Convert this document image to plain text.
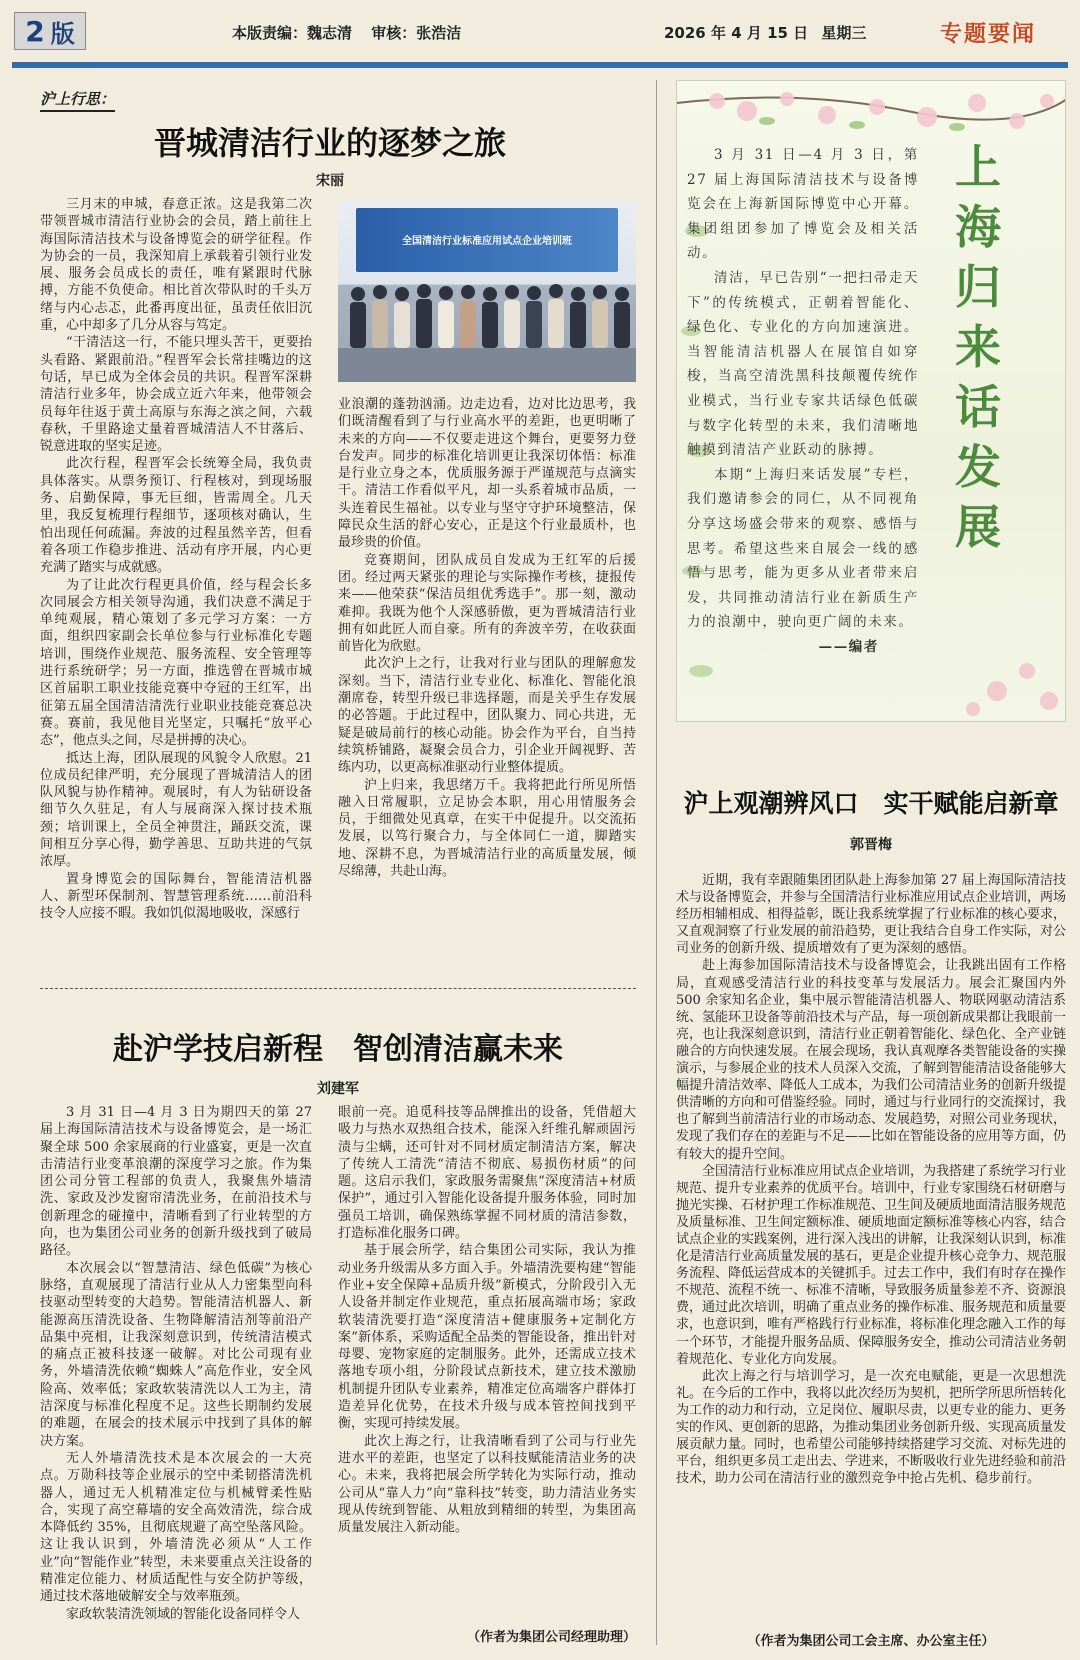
2 版	本版责编：魏志清 审核：张浩洁	2026 年 4 月 15 日 星期三	专题要闻
沪上行思：
晋城清洁行业的逐梦之旅
宋丽

三月末的申城，春意正浓。这是我第二次带领晋城市清洁行业协会的会员，踏上前往上海国际清洁技术与设备博览会的研学征程。作为协会的一员，我深知肩上承载着引领行业发展、服务会员成长的责任，唯有紧跟时代脉搏，方能不负使命。相比首次带队时的千头万绪与内心忐忑，此番再度出征，虽责任依旧沉重，心中却多了几分从容与笃定。

“干清洁这一行，不能只埋头苦干，更要抬头看路、紧跟前沿。”程晋军会长常挂嘴边的这句话，早已成为全体会员的共识。程晋军深耕清洁行业多年，协会成立近六年来，他带领会员每年往返于黄土高原与东海之滨之间，六载春秋，千里路途丈量着晋城清洁人不甘落后、锐意进取的坚实足迹。

此次行程，程晋军会长统筹全局，我负责具体落实。从票务预订、行程核对，到现场服务、启勤保障，事无巨细，皆需周全。几天里，我反复梳理行程细节，逐项核对确认，生怕出现任何疏漏。奔波的过程虽然辛苦，但看着各项工作稳步推进、活动有序开展，内心更充满了踏实与成就感。

为了让此次行程更具价值，经与程会长多次同展会方相关领导沟通，我们决意不满足于单纯观展，精心策划了多元学习方案：一方面，组织四家副会长单位参与行业标准化专题培训，围绕作业规范、服务流程、安全管理等进行系统研学；另一方面，推选曾在晋城市城区首届职工职业技能竞赛中夺冠的王红军，出征第五届全国清洁清洗行业职业技能竞赛总决赛。赛前，我见他目光坚定，只嘱托“放平心态”，他点头之间，尽是拼搏的决心。

抵达上海，团队展现的风貌令人欣慰。21位成员纪律严明，充分展现了晋城清洁人的团队风貌与协作精神。观展时，有人为钻研设备细节久久驻足，有人与展商深入探讨技术瓶颈；培训课上，全员全神贯注，踊跃交流，课间相互分享心得，勤学善思、互助共进的气氛浓厚。

置身博览会的国际舞台，智能清洁机器人、新型环保制剂、智慧管理系统……前沿科技令人应接不暇。我如饥似渴地吸收，深感行

全国清洁行业标准应用试点企业培训班

业浪潮的蓬勃汹涌。边走边看，边对比边思考，我们既清醒看到了与行业高水平的差距，也更明晰了未来的方向——不仅要走进这个舞台，更要努力登台发声。同步的标准化培训更让我深切体悟：标准是行业立身之本，优质服务源于严谨规范与点滴实干。清洁工作看似平凡，却一头系着城市品质，一头连着民生福祉。以专业与坚守守护环境整洁，保障民众生活的舒心安心，正是这个行业最质朴，也最珍贵的价值。

竞赛期间，团队成员自发成为王红军的后援团。经过两天紧张的理论与实际操作考核，捷报传来——他荣获“保洁员组优秀选手”。那一刻，激动难抑。我既为他个人深感骄傲，更为晋城清洁行业拥有如此匠人而自豪。所有的奔波辛劳，在收获面前皆化为欣慰。

此次沪上之行，让我对行业与团队的理解愈发深刻。当下，清洁行业专业化、标准化、智能化浪潮席卷，转型升级已非选择题，而是关乎生存发展的必答题。于此过程中，团队聚力、同心共进，无疑是破局前行的核心动能。协会作为平台，自当持续筑桥铺路，凝聚会员合力，引企业开阔视野、苦练内功，以更高标准驱动行业整体提质。

沪上归来，我思绪万千。我将把此行所见所悟融入日常履职，立足协会本职，用心用情服务会员，于细微处见真章，在实干中促提升。以交流拓发展，以笃行聚合力，与全体同仁一道，脚踏实地、深耕不息，为晋城清洁行业的高质量发展，倾尽绵薄，共赴山海。

3 月 31 日—4 月 3 日，第 27 届上海国际清洁技术与设备博览会在上海新国际博览中心开幕。集团组团参加了博览会及相关活动。

清洁，早已告别“一把扫帚走天下”的传统模式，正朝着智能化、绿色化、专业化的方向加速演进。当智能清洁机器人在展馆自如穿梭，当高空清洗黑科技颠覆传统作业模式，当行业专家共话绿色低碳与数字化转型的未来，我们清晰地触摸到清洁产业跃动的脉搏。

本期“上海归来话发展”专栏，我们邀请参会的同仁，从不同视角分享这场盛会带来的观察、感悟与思考。希望这些来自展会一线的感悟与思考，能为更多从业者带来启发，共同推动清洁行业在新质生产力的浪潮中，驶向更广阔的未来。

——编者

上
海
归
来
话
发
展
沪上观潮辨风口　实干赋能启新章
郭晋梅

近期，我有幸跟随集团团队赴上海参加第 27 届上海国际清洁技术与设备博览会，并参与全国清洁行业标准应用试点企业培训，两场经历相辅相成、相得益彰，既让我系统掌握了行业标准的核心要求，又直观洞察了行业发展的前沿趋势，更让我结合自身工作实际，对公司业务的创新升级、提质增效有了更为深刻的感悟。

赴上海参加国际清洁技术与设备博览会，让我跳出固有工作格局，直观感受清洁行业的科技变革与发展活力。展会汇聚国内外 500 余家知名企业，集中展示智能清洁机器人、物联网驱动清洁系统、氢能环卫设备等前沿技术与产品，每一项创新成果都让我眼前一亮，也让我深刻意识到，清洁行业正朝着智能化、绿色化、全产业链融合的方向快速发展。在展会现场，我认真观摩各类智能设备的实操演示，与参展企业的技术人员深入交流，了解到智能清洁设备能够大幅提升清洁效率、降低人工成本，为我们公司清洁业务的创新升级提供清晰的方向和可借鉴经验。同时，通过与行业同行的交流探讨，我也了解到当前清洁行业的市场动态、发展趋势，对照公司业务现状，发现了我们存在的差距与不足——比如在智能设备的应用等方面，仍有较大的提升空间。

全国清洁行业标准应用试点企业培训，为我搭建了系统学习行业规范、提升专业素养的优质平台。培训中，行业专家围绕石材研磨与抛光实操、石材护理工作标准规范、卫生间及硬质地面清洁服务规范及质量标准、卫生间定额标准、硬质地面定额标准等核心内容，结合试点企业的实践案例，进行深入浅出的讲解，让我深刻认识到，标准化是清洁行业高质量发展的基石，更是企业提升核心竞争力、规范服务流程、降低运营成本的关键抓手。过去工作中，我们有时存在操作不规范、流程不统一、标准不清晰，导致服务质量参差不齐、资源浪费，通过此次培训，明确了重点业务的操作标准、服务规范和质量要求，也意识到，唯有严格践行行业标准，将标准化理念融入工作的每一个环节，才能提升服务品质、保障服务安全，推动公司清洁业务朝着规范化、专业化方向发展。

此次上海之行与培训学习，是一次充电赋能，更是一次思想洗礼。在今后的工作中，我将以此次经历为契机，把所学所思所悟转化为工作的动力和行动，立足岗位、履职尽责，以更专业的能力、更务实的作风、更创新的思路，为推动集团业务创新升级、实现高质量发展贡献力量。同时，也希望公司能够持续搭建学习交流、对标先进的平台，组织更多员工走出去、学进来，不断吸收行业先进经验和前沿技术，助力公司在清洁行业的激烈竞争中抢占先机、稳步前行。

（作者为集团公司工会主席、办公室主任）
赴沪学技启新程　智创清洁赢未来
刘建军

3 月 31 日—4 月 3 日为期四天的第 27 届上海国际清洁技术与设备博览会，是一场汇聚全球 500 余家展商的行业盛宴，更是一次直击清洁行业变革浪潮的深度学习之旅。作为集团公司分管工程部的负责人，我聚焦外墙清洗、家政及沙发窗帘清洗业务，在前沿技术与创新理念的碰撞中，清晰看到了行业转型的方向，也为集团公司业务的创新升级找到了破局路径。

本次展会以“智慧清洁、绿色低碳”为核心脉络，直观展现了清洁行业从人力密集型向科技驱动型转变的大趋势。智能清洁机器人、新能源高压清洗设备、生物降解清洁剂等前沿产品集中亮相，让我深刻意识到，传统清洁模式的痛点正被科技逐一破解。对比公司现有业务，外墙清洗依赖“蜘蛛人”高危作业，安全风险高、效率低；家政软装清洗以人工为主，清洁深度与标准化程度不足。这些长期制约发展的难题，在展会的技术展示中找到了具体的解决方案。

无人外墙清洗技术是本次展会的一大亮点。万勋科技等企业展示的空中柔韧搭清洗机器人，通过无人机精准定位与机械臂柔性贴合，实现了高空幕墙的安全高效清洗，综合成本降低约 35%，且彻底规避了高空坠落风险。这让我认识到，外墙清洗必须从“人工作业”向“智能作业”转型，未来要重点关注设备的精准定位能力、材质适配性与安全防护等级，通过技术落地破解安全与效率瓶颈。

家政软装清洗领域的智能化设备同样令人

眼前一亮。追觅科技等品牌推出的设备，凭借超大吸力与热水双热组合技术，能深入纤维孔解顽固污渍与尘螨，还可针对不同材质定制清洁方案，解决了传统人工清洗“清洁不彻底、易损伤材质”的问题。这启示我们，家政服务需聚焦“深度清洁+材质保护”，通过引入智能化设备提升服务体验，同时加强员工培训，确保熟练掌握不同材质的清洁参数，打造标准化服务口碑。

基于展会所学，结合集团公司实际，我认为推动业务升级需从多方面入手。外墙清洗要构建“智能作业+安全保障+品质升级”新模式，分阶段引入无人设备并制定作业规范，重点拓展高端市场；家政软装清洗要打造“深度清洁+健康服务+定制化方案”新体系，采购适配全品类的智能设备，推出针对母婴、宠物家庭的定制服务。此外，还需成立技术落地专项小组，分阶段试点新技术，建立技术激励机制提升团队专业素养，精准定位高端客户群体打造差异化优势，在技术升级与成本管控间找到平衡，实现可持续发展。

此次上海之行，让我清晰看到了公司与行业先进水平的差距，也坚定了以科技赋能清洁业务的决心。未来，我将把展会所学转化为实际行动，推动公司从“靠人力”向“靠科技”转变，助力清洁业务实现从传统到智能、从粗放到精细的转型，为集团高质量发展注入新动能。

（作者为集团公司经理助理）
